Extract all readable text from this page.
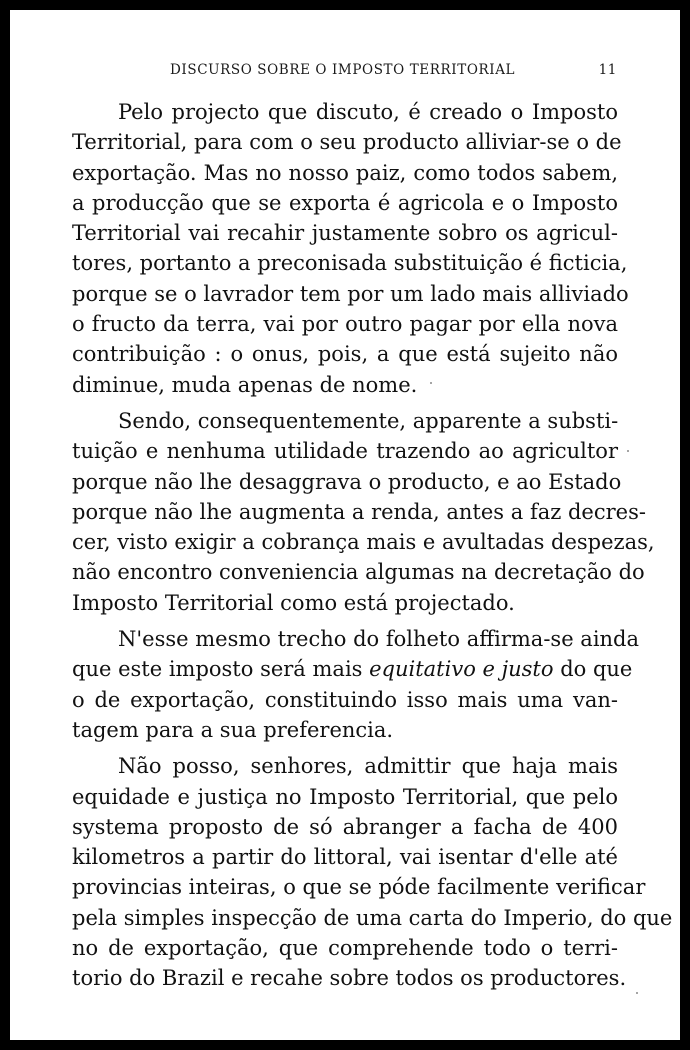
DISCURSO SOBRE O IMPOSTO TERRITORIAL	11

Pelo projecto que discuto, é creado o Imposto
Territorial, para com o seu producto alliviar-se o de
exportação. Mas no nosso paiz, como todos sabem,
a producção que se exporta é agricola e o Imposto
Territorial vai recahir justamente sobro os agricul-
tores, portanto a preconisada substituição é ficticia,
porque se o lavrador tem por um lado mais alliviado
o fructo da terra, vai por outro pagar por ella nova
contribuição : o onus, pois, a que está sujeito não
diminue, muda apenas de nome.

Sendo, consequentemente, apparente a substi-
tuição e nenhuma utilidade trazendo ao agricultor
porque não lhe desaggrava o producto, e ao Estado
porque não lhe augmenta a renda, antes a faz decres-
cer, visto exigir a cobrança mais e avultadas despezas,
não encontro conveniencia algumas na decretação do
Imposto Territorial como está projectado.

N'esse mesmo trecho do folheto affirma-se ainda
que este imposto será mais equitativo e justo do que
o de exportação, constituindo isso mais uma van-
tagem para a sua preferencia.

Não posso, senhores, admittir que haja mais
equidade e justiça no Imposto Territorial, que pelo
systema proposto de só abranger a facha de 400
kilometros a partir do littoral, vai isentar d'elle até
provincias inteiras, o que se póde facilmente verificar
pela simples inspecção de uma carta do Imperio, do que
no de exportação, que comprehende todo o terri-
torio do Brazil e recahe sobre todos os productores.
